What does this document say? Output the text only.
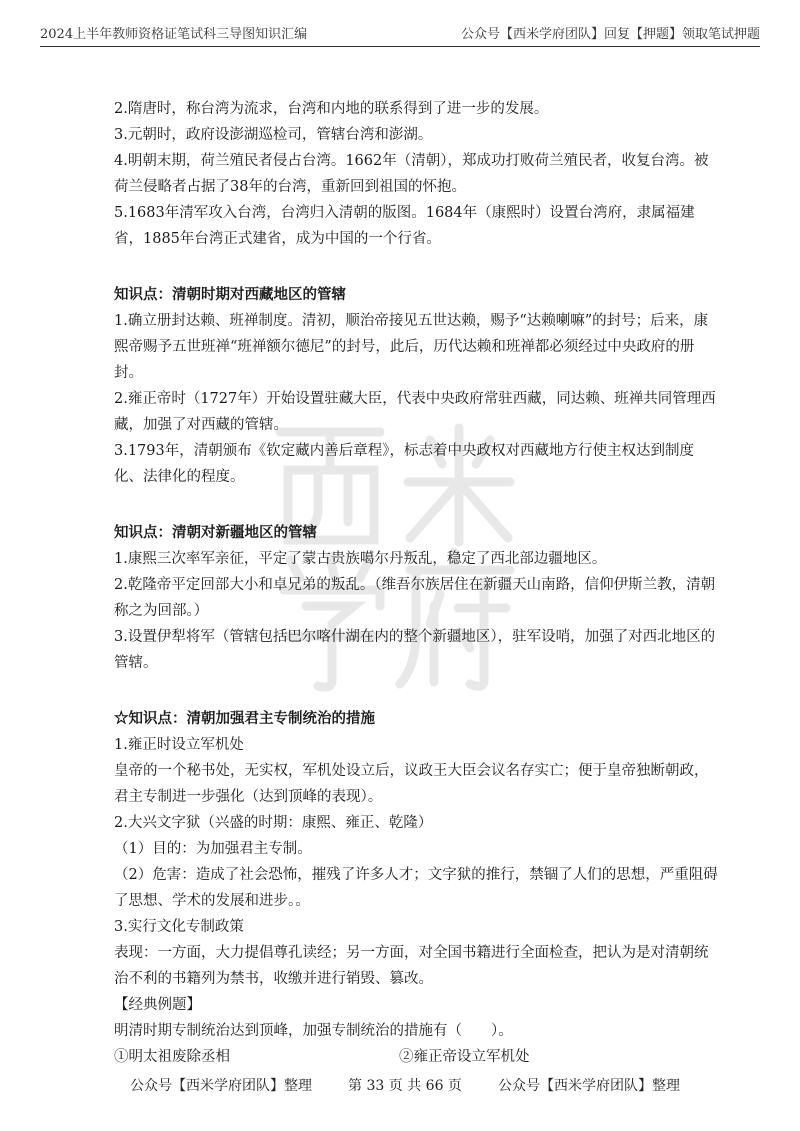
2024上半年教师资格证笔试科三导图知识汇编	公众号【西米学府团队】回复【押题】领取笔试押题

2.隋唐时，称台湾为流求，台湾和内地的联系得到了进一步的发展。

3.元朝时，政府设澎湖巡检司，管辖台湾和澎湖。

4.明朝末期，荷兰殖民者侵占台湾。1662年（清朝），郑成功打败荷兰殖民者，收复台湾。被荷兰侵略者占据了38年的台湾，重新回到祖国的怀抱。

5.1683年清军攻入台湾，台湾归入清朝的版图。1684年（康熙时）设置台湾府，隶属福建省，1885年台湾正式建省，成为中国的一个行省。

知识点：清朝时期对西藏地区的管辖

1.确立册封达赖、班禅制度。清初，顺治帝接见五世达赖，赐予“达赖喇嘛”的封号；后来，康熙帝赐予五世班禅“班禅额尔德尼”的封号，此后，历代达赖和班禅都必须经过中央政府的册封。

2.雍正帝时（1727年）开始设置驻藏大臣，代表中央政府常驻西藏，同达赖、班禅共同管理西藏，加强了对西藏的管辖。

3.1793年，清朝颁布《钦定藏内善后章程》，标志着中央政权对西藏地方行使主权达到制度化、法律化的程度。

知识点：清朝对新疆地区的管辖

1.康熙三次率军亲征，平定了蒙古贵族噶尔丹叛乱，稳定了西北部边疆地区。

2.乾隆帝平定回部大小和卓兄弟的叛乱。（维吾尔族居住在新疆天山南路，信仰伊斯兰教，清朝称之为回部。）

3.设置伊犁将军（管辖包括巴尔喀什湖在内的整个新疆地区），驻军设哨，加强了对西北地区的管辖。

☆知识点：清朝加强君主专制统治的措施

1.雍正时设立军机处

皇帝的一个秘书处，无实权，军机处设立后，议政王大臣会议名存实亡；便于皇帝独断朝政，君主专制进一步强化（达到顶峰的表现）。

2.大兴文字狱（兴盛的时期：康熙、雍正、乾隆）

（1）目的：为加强君主专制。

（2）危害：造成了社会恐怖，摧残了许多人才；文字狱的推行，禁锢了人们的思想，严重阻碍了思想、学术的发展和进步。。

3.实行文化专制政策

表现：一方面，大力提倡尊孔读经；另一方面，对全国书籍进行全面检查，把认为是对清朝统治不利的书籍列为禁书，收缴并进行销毁、篡改。

【经典例题】

明清时期专制统治达到顶峰，加强专制统治的措施有（　　）。

①明太祖废除丞相	②雍正帝设立军机处
公众号【西米学府团队】整理	第 33 页 共 66 页	公众号【西米学府团队】整理
